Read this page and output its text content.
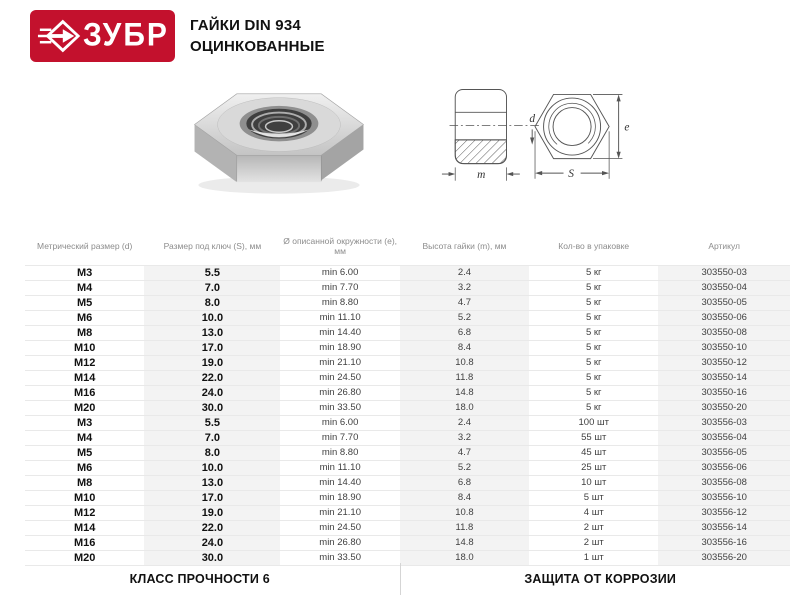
ЗУБР ГАЙКИ DIN 934
ОЦИНКОВАННЫЕ
d
m	S
e
Метрический размер (d)	Размер под ключ (S), мм	Ø описанной окружности (e), мм	Высота гайки (m), мм	Кол-во в упаковке	Артикул
M3	5.5	min 6.00	2.4	5 кг	303550-03
M4	7.0	min 7.70	3.2	5 кг	303550-04
M5	8.0	min 8.80	4.7	5 кг	303550-05
M6	10.0	min 11.10	5.2	5 кг	303550-06
M8	13.0	min 14.40	6.8	5 кг	303550-08
M10	17.0	min 18.90	8.4	5 кг	303550-10
M12	19.0	min 21.10	10.8	5 кг	303550-12
M14	22.0	min 24.50	11.8	5 кг	303550-14
M16	24.0	min 26.80	14.8	5 кг	303550-16
M20	30.0	min 33.50	18.0	5 кг	303550-20
M3	5.5	min 6.00	2.4	100 шт	303556-03
M4	7.0	min 7.70	3.2	55 шт	303556-04
M5	8.0	min 8.80	4.7	45 шт	303556-05
M6	10.0	min 11.10	5.2	25 шт	303556-06
M8	13.0	min 14.40	6.8	10 шт	303556-08
M10	17.0	min 18.90	8.4	5 шт	303556-10
M12	19.0	min 21.10	10.8	4 шт	303556-12
M14	22.0	min 24.50	11.8	2 шт	303556-14
M16	24.0	min 26.80	14.8	2 шт	303556-16
M20	30.0	min 33.50	18.0	1 шт	303556-20
КЛАСС ПРОЧНОСТИ 6	ЗАЩИТА ОТ КОРРОЗИИ
